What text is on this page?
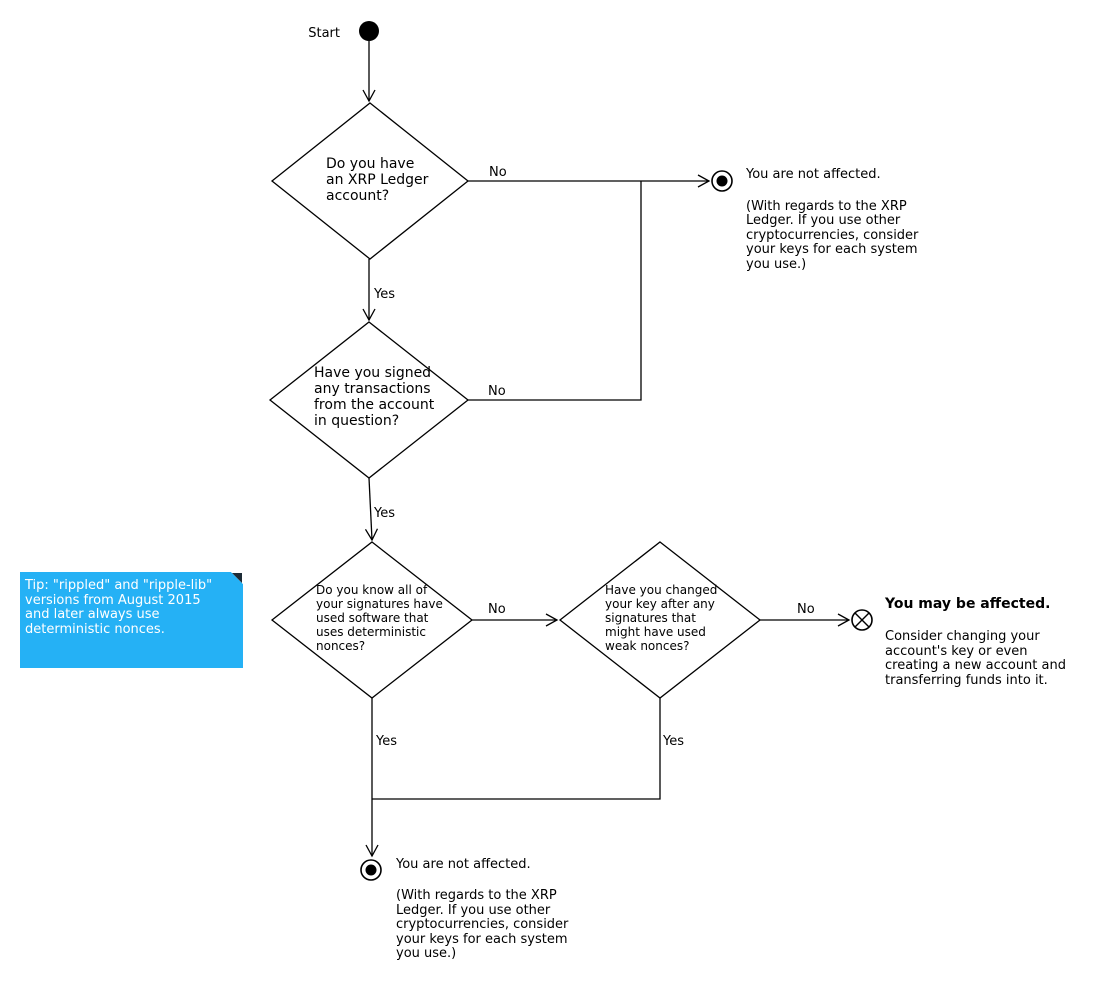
Start
Do you have
an XRP Ledger
account?
Have you signed
any transactions
from the account
in question?
Do you know all of
your signatures have
used software that
uses deterministic
nonces?
Have you changed
your key after any
signatures that
might have used
weak nonces?
No
Yes
No
Yes
No
Yes
No
Yes
You are not affected.
(With regards to the XRP
Ledger. If you use other
cryptocurrencies, consider
your keys for each system
you use.)
You may be affected.
Consider changing your
account's key or even
creating a new account and
transferring funds into it.
You are not affected.
(With regards to the XRP
Ledger. If you use other
cryptocurrencies, consider
your keys for each system
you use.)
Tip: "rippled" and "ripple-lib"
versions from August 2015
and later always use
deterministic nonces.
